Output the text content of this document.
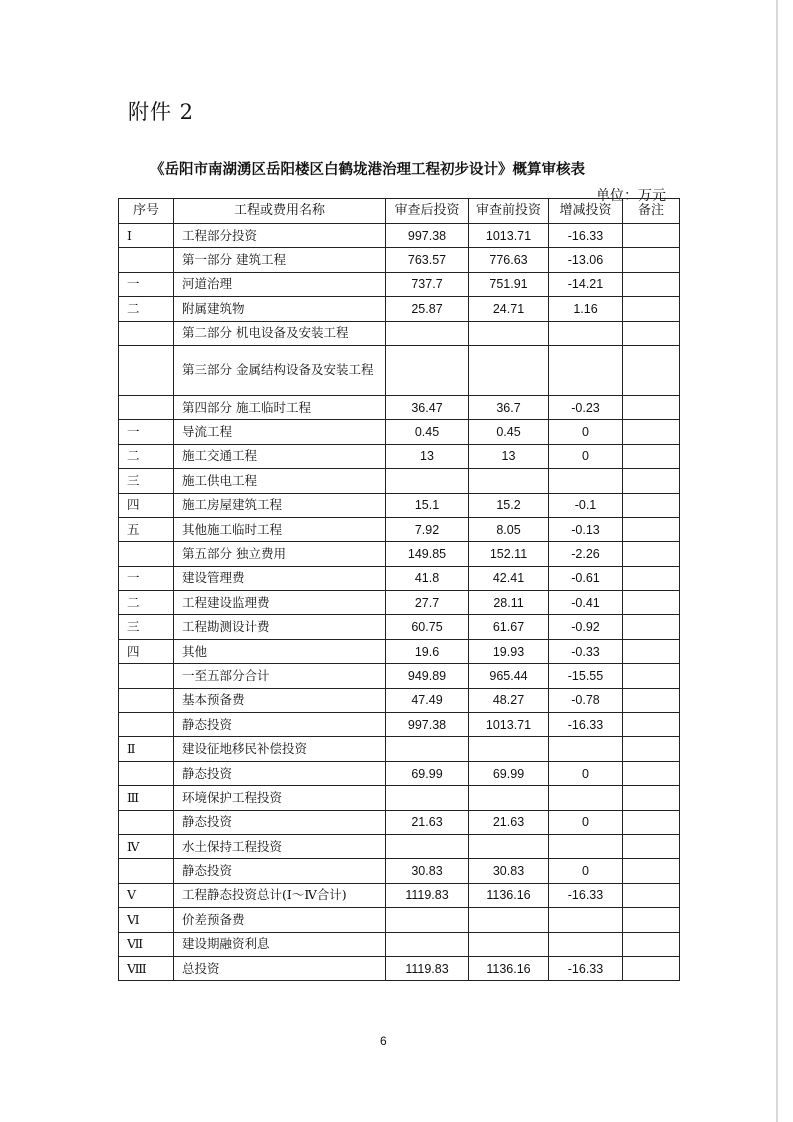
附件 2
《岳阳市南湖湧区岳阳楼区白鹤垅港治理工程初步设计》概算审核表
单位：万元
序号	工程或费用名称	审查后投资	审查前投资	增减投资	备注
Ⅰ	工程部分投资	997.38	1013.71	-16.33	
	第一部分 建筑工程	763.57	776.63	-13.06	
一	河道治理	737.7	751.91	-14.21	
二	附属建筑物	25.87	24.71	1.16	
	第二部分 机电设备及安装工程				
	第三部分 金属结构设备及安装工程				
	第四部分 施工临时工程	36.47	36.7	-0.23	
一	导流工程	0.45	0.45	0	
二	施工交通工程	13	13	0	
三	施工供电工程				
四	施工房屋建筑工程	15.1	15.2	-0.1	
五	其他施工临时工程	7.92	8.05	-0.13	
	第五部分 独立费用	149.85	152.11	-2.26	
一	建设管理费	41.8	42.41	-0.61	
二	工程建设监理费	27.7	28.11	-0.41	
三	工程勘测设计费	60.75	61.67	-0.92	
四	其他	19.6	19.93	-0.33	
	一至五部分合计	949.89	965.44	-15.55	
	基本预备费	47.49	48.27	-0.78	
	静态投资	997.38	1013.71	-16.33	
Ⅱ	建设征地移民补偿投资				
	静态投资	69.99	69.99	0	
Ⅲ	环境保护工程投资				
	静态投资	21.63	21.63	0	
Ⅳ	水土保持工程投资				
	静态投资	30.83	30.83	0	
Ⅴ	工程静态投资总计(Ⅰ～Ⅳ合计)	1119.83	1136.16	-16.33	
Ⅵ	价差预备费				
Ⅶ	建设期融资利息				
Ⅷ	总投资	1119.83	1136.16	-16.33	
6
